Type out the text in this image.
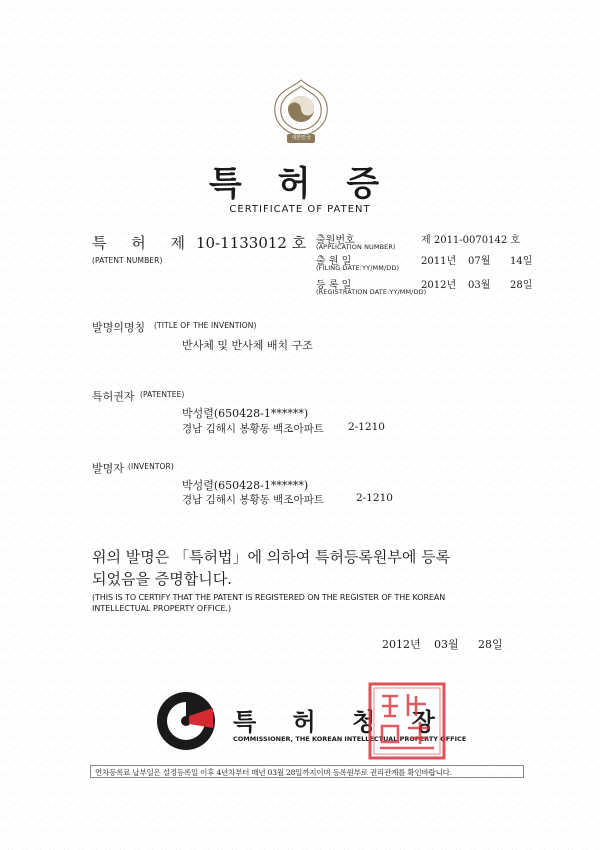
대한민국
특 허 증
CERTIFICATE OF PATENT
특 허 제 10-1133012 호
(PATENT NUMBER)
출원번호
(APPLICATION NUMBER)
제 2011-0070142 호
출 원 일
(FILING DATE:YY/MM/DD)
2011년 07월 14일
등 록 일
(REGISTRATION DATE:YY/MM/DD)
2012년 03월 28일
발명의명칭 (TITLE OF THE INVENTION)
반사체 및 반사체 배치 구조
특허권자 (PATENTEE)
박성렬(650428-1******)
경남 김해시 봉황동 백조아파트 2-1210
발명자 (INVENTOR)
박성렬(650428-1******)
경남 김해시 봉황동 백조아파트	2-1210
위의 발명은 「특허법」에 의하여 특허등록원부에 등록
되었음을 증명합니다.
(THIS IS TO CERTIFY THAT THE PATENT IS REGISTERED ON THE REGISTER OF THE KOREAN
INTELLECTUAL PROPERTY OFFICE.)
2012년 03월 28일
특 허 청 장
COMMISSIONER, THE KOREAN INTELLECTUAL PROPERTY OFFICE
연차등록료 납부일은 설정등록일 이후 4년차부터 매년 03월 28일까지이며 등록원부로 권리관계를 확인바랍니다.
